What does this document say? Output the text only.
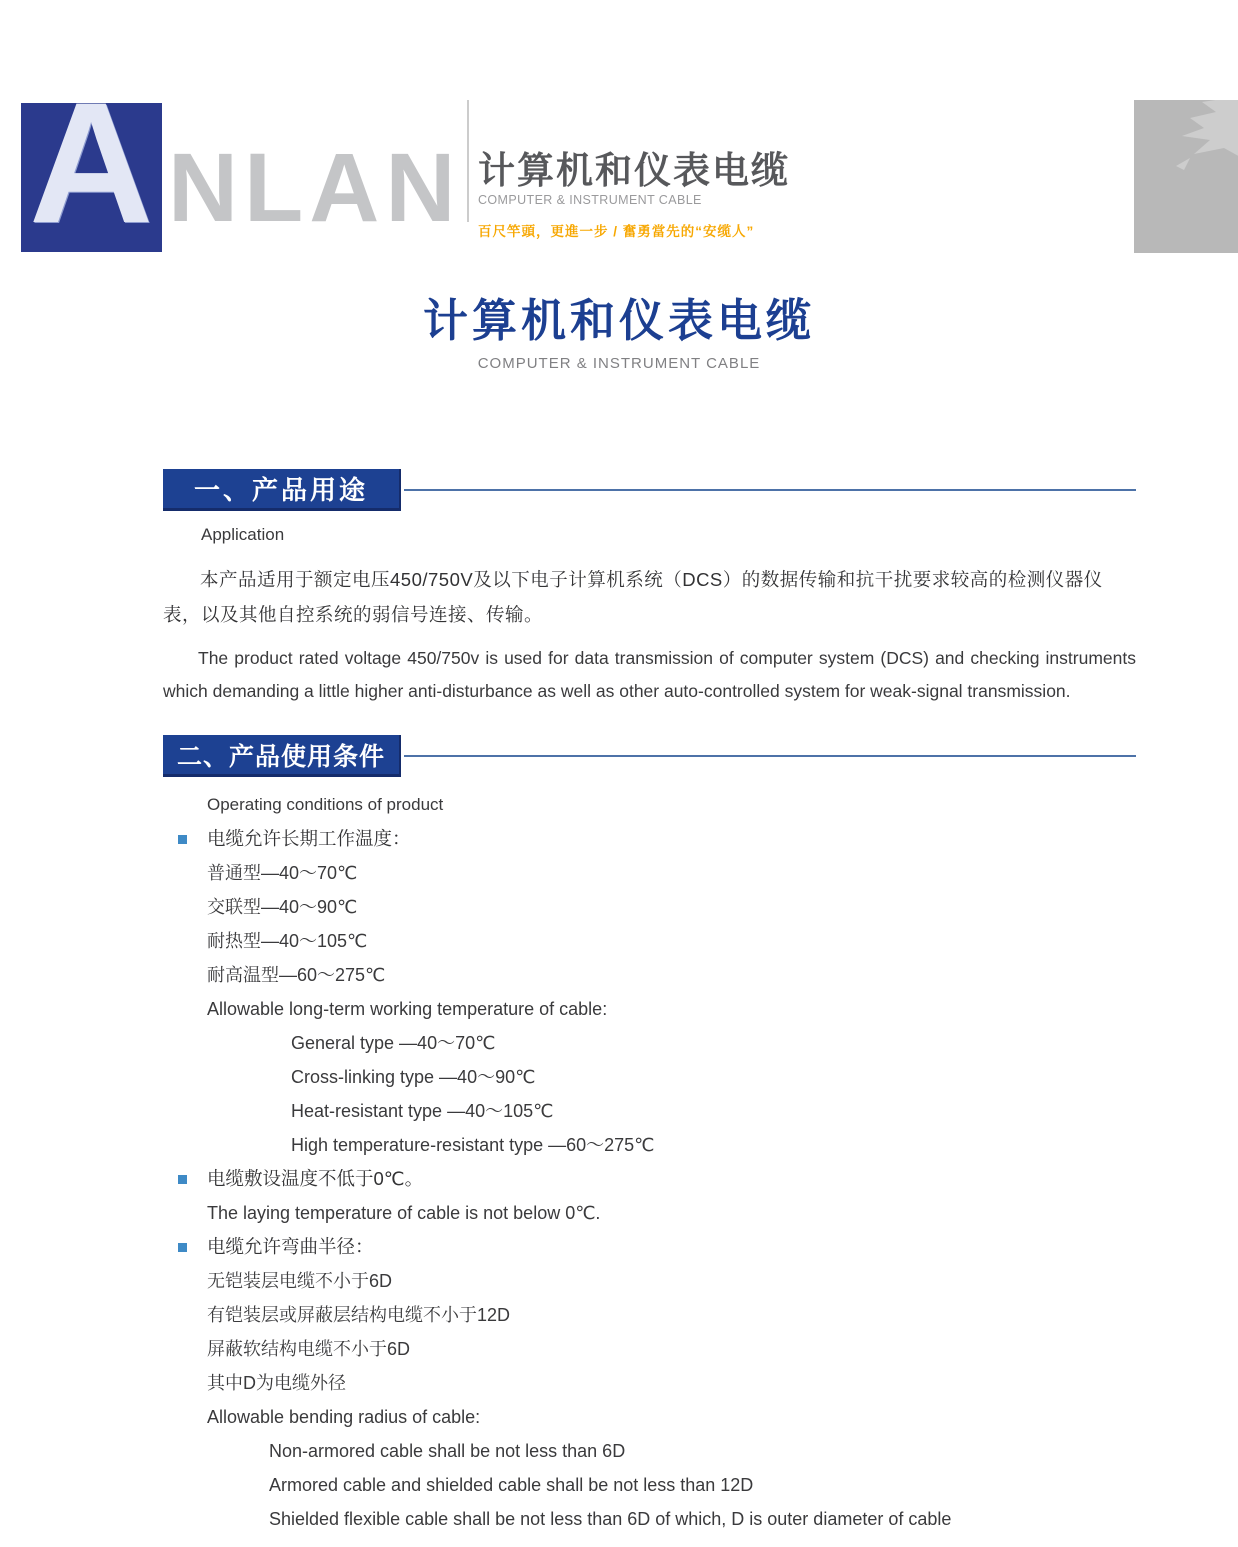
A NLAN 计算机和仪表电缆
COMPUTER & INSTRUMENT CABLE
百尺竿頭，更進一步 / 奮勇當先的“安缆人”
计算机和仪表电缆
COMPUTER & INSTRUMENT CABLE
一、产品用途
Application

本产品适用于额定电压450/750V及以下电子计算机系统（DCS）的数据传输和抗干扰要求较高的检测仪器仪表，以及其他自控系统的弱信号连接、传输。

The product rated voltage 450/750v is used for data transmission of computer system (DCS) and checking instruments which demanding a little higher anti-disturbance as well as other auto-controlled system for weak-signal transmission.

二、产品使用条件
Operating conditions of product
电缆允许长期工作温度：
普通型—40～70℃
交联型—40～90℃
耐热型—40～105℃
耐高温型—60～275℃
Allowable long-term working temperature of cable:
General type —40～70℃
Cross-linking type —40～90℃
Heat-resistant type —40～105℃
High temperature-resistant type —60～275℃
电缆敷设温度不低于0℃。
The laying temperature of cable is not below 0℃.
电缆允许弯曲半径：
无铠装层电缆不小于6D
有铠装层或屏蔽层结构电缆不小于12D
屏蔽软结构电缆不小于6D
其中D为电缆外径
Allowable bending radius of cable:
Non-armored cable shall be not less than 6D
Armored cable and shielded cable shall be not less than 12D
Shielded flexible cable shall be not less than 6D of which, D is outer diameter of cable
